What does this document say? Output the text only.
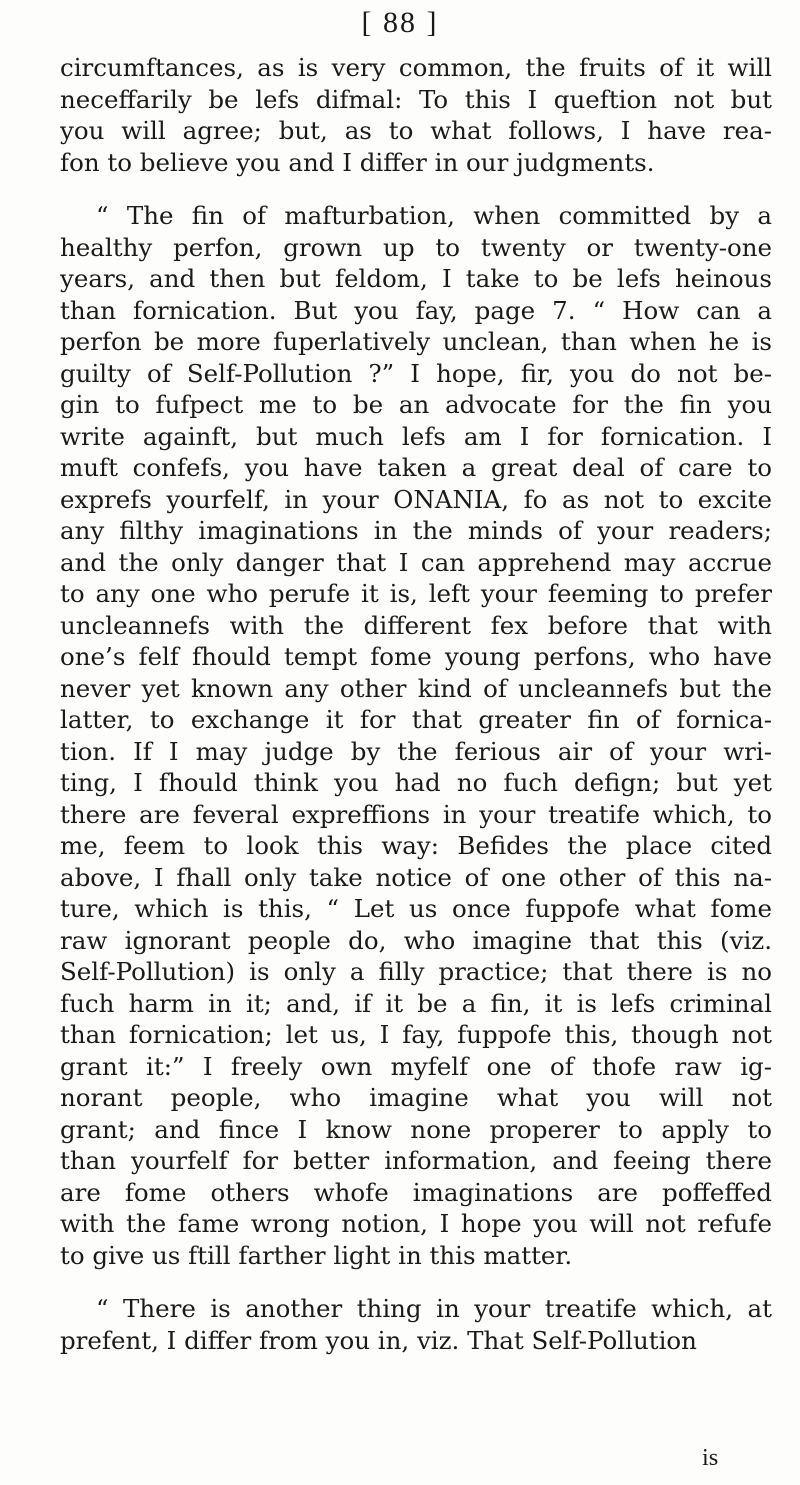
[ 88 ]
circumftances, as is very common, the fruits of it will
neceffarily be lefs difmal: To this I queftion not but
you will agree; but, as to what follows, I have rea-
fon to believe you and I differ in our judgments.
“ The fin of mafturbation, when committed by a
healthy perfon, grown up to twenty or twenty-one
years, and then but feldom, I take to be lefs heinous
than fornication. But you fay, page 7. “ How can a
perfon be more fuperlatively unclean, than when he is
guilty of Self-Pollution ?” I hope, fir, you do not be-
gin to fufpect me to be an advocate for the fin you
write againft, but much lefs am I for fornication. I
muft confefs, you have taken a great deal of care to
exprefs yourfelf, in your ONANIA, fo as not to excite
any filthy imaginations in the minds of your readers;
and the only danger that I can apprehend may accrue
to any one who perufe it is, left your feeming to prefer
uncleannefs with the different fex before that with
one’s felf fhould tempt fome young perfons, who have
never yet known any other kind of uncleannefs but the
latter, to exchange it for that greater fin of fornica-
tion. If I may judge by the ferious air of your wri-
ting, I fhould think you had no fuch defign; but yet
there are feveral expreffions in your treatife which, to
me, feem to look this way: Befides the place cited
above, I fhall only take notice of one other of this na-
ture, which is this, “ Let us once fuppofe what fome
raw ignorant people do, who imagine that this (viz.
Self-Pollution) is only a filly practice; that there is no
fuch harm in it; and, if it be a fin, it is lefs criminal
than fornication; let us, I fay, fuppofe this, though not
grant it:” I freely own myfelf one of thofe raw ig-
norant people, who imagine what you will not
grant; and fince I know none properer to apply to
than yourfelf for better information, and feeing there
are fome others whofe imaginations are poffeffed
with the fame wrong notion, I hope you will not refufe
to give us ftill farther light in this matter.
“ There is another thing in your treatife which, at
prefent, I differ from you in, viz. That Self-Pollution
is
